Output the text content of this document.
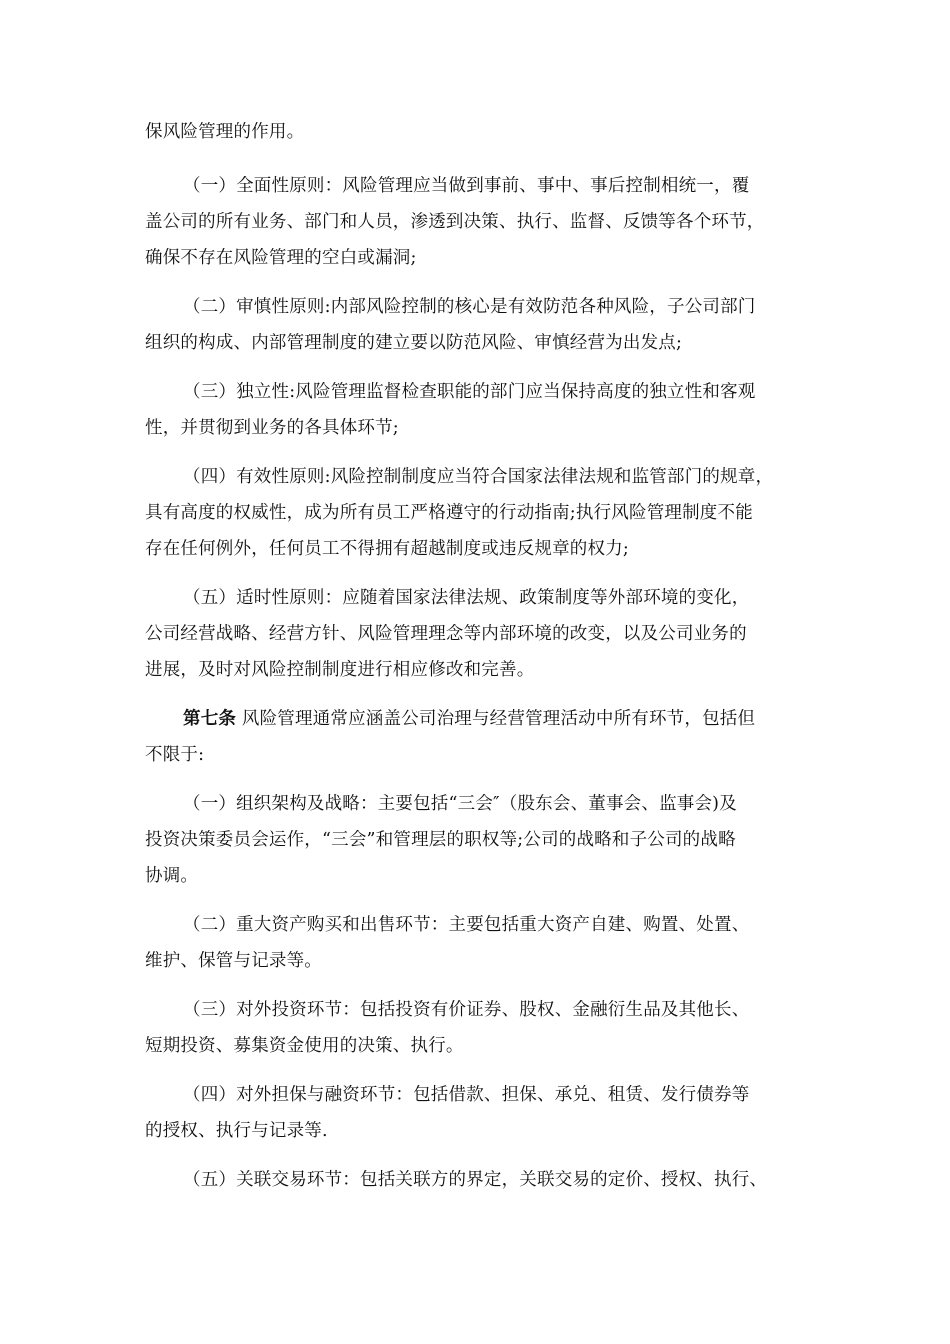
保风险管理的作用。
（一）全面性原则：风险管理应当做到事前、事中、事后控制相统一，覆
盖公司的所有业务、部门和人员，渗透到决策、执行、监督、反馈等各个环节，
确保不存在风险管理的空白或漏洞;
（二）审慎性原则:内部风险控制的核心是有效防范各种风险，子公司部门
组织的构成、内部管理制度的建立要以防范风险、审慎经营为出发点;
（三）独立性:风险管理监督检查职能的部门应当保持高度的独立性和客观
性，并贯彻到业务的各具体环节;
（四）有效性原则:风险控制制度应当符合国家法律法规和监管部门的规章，
具有高度的权威性，成为所有员工严格遵守的行动指南;执行风险管理制度不能
存在任何例外，任何员工不得拥有超越制度或违反规章的权力;
（五）适时性原则：应随着国家法律法规、政策制度等外部环境的变化，
公司经营战略、经营方针、风险管理理念等内部环境的改变，以及公司业务的
进展，及时对风险控制制度进行相应修改和完善。
第七条 风险管理通常应涵盖公司治理与经营管理活动中所有环节，包括但
不限于:
（一）组织架构及战略：主要包括“三会″（股东会、董事会、监事会)及
投资决策委员会运作，“三会”和管理层的职权等;公司的战略和子公司的战略
协调。
（二）重大资产购买和出售环节：主要包括重大资产自建、购置、处置、
维护、保管与记录等。
（三）对外投资环节：包括投资有价证券、股权、金融衍生品及其他长、
短期投资、募集资金使用的决策、执行。
（四）对外担保与融资环节：包括借款、担保、承兑、租赁、发行债券等
的授权、执行与记录等.
（五）关联交易环节：包括关联方的界定，关联交易的定价、授权、执行、
